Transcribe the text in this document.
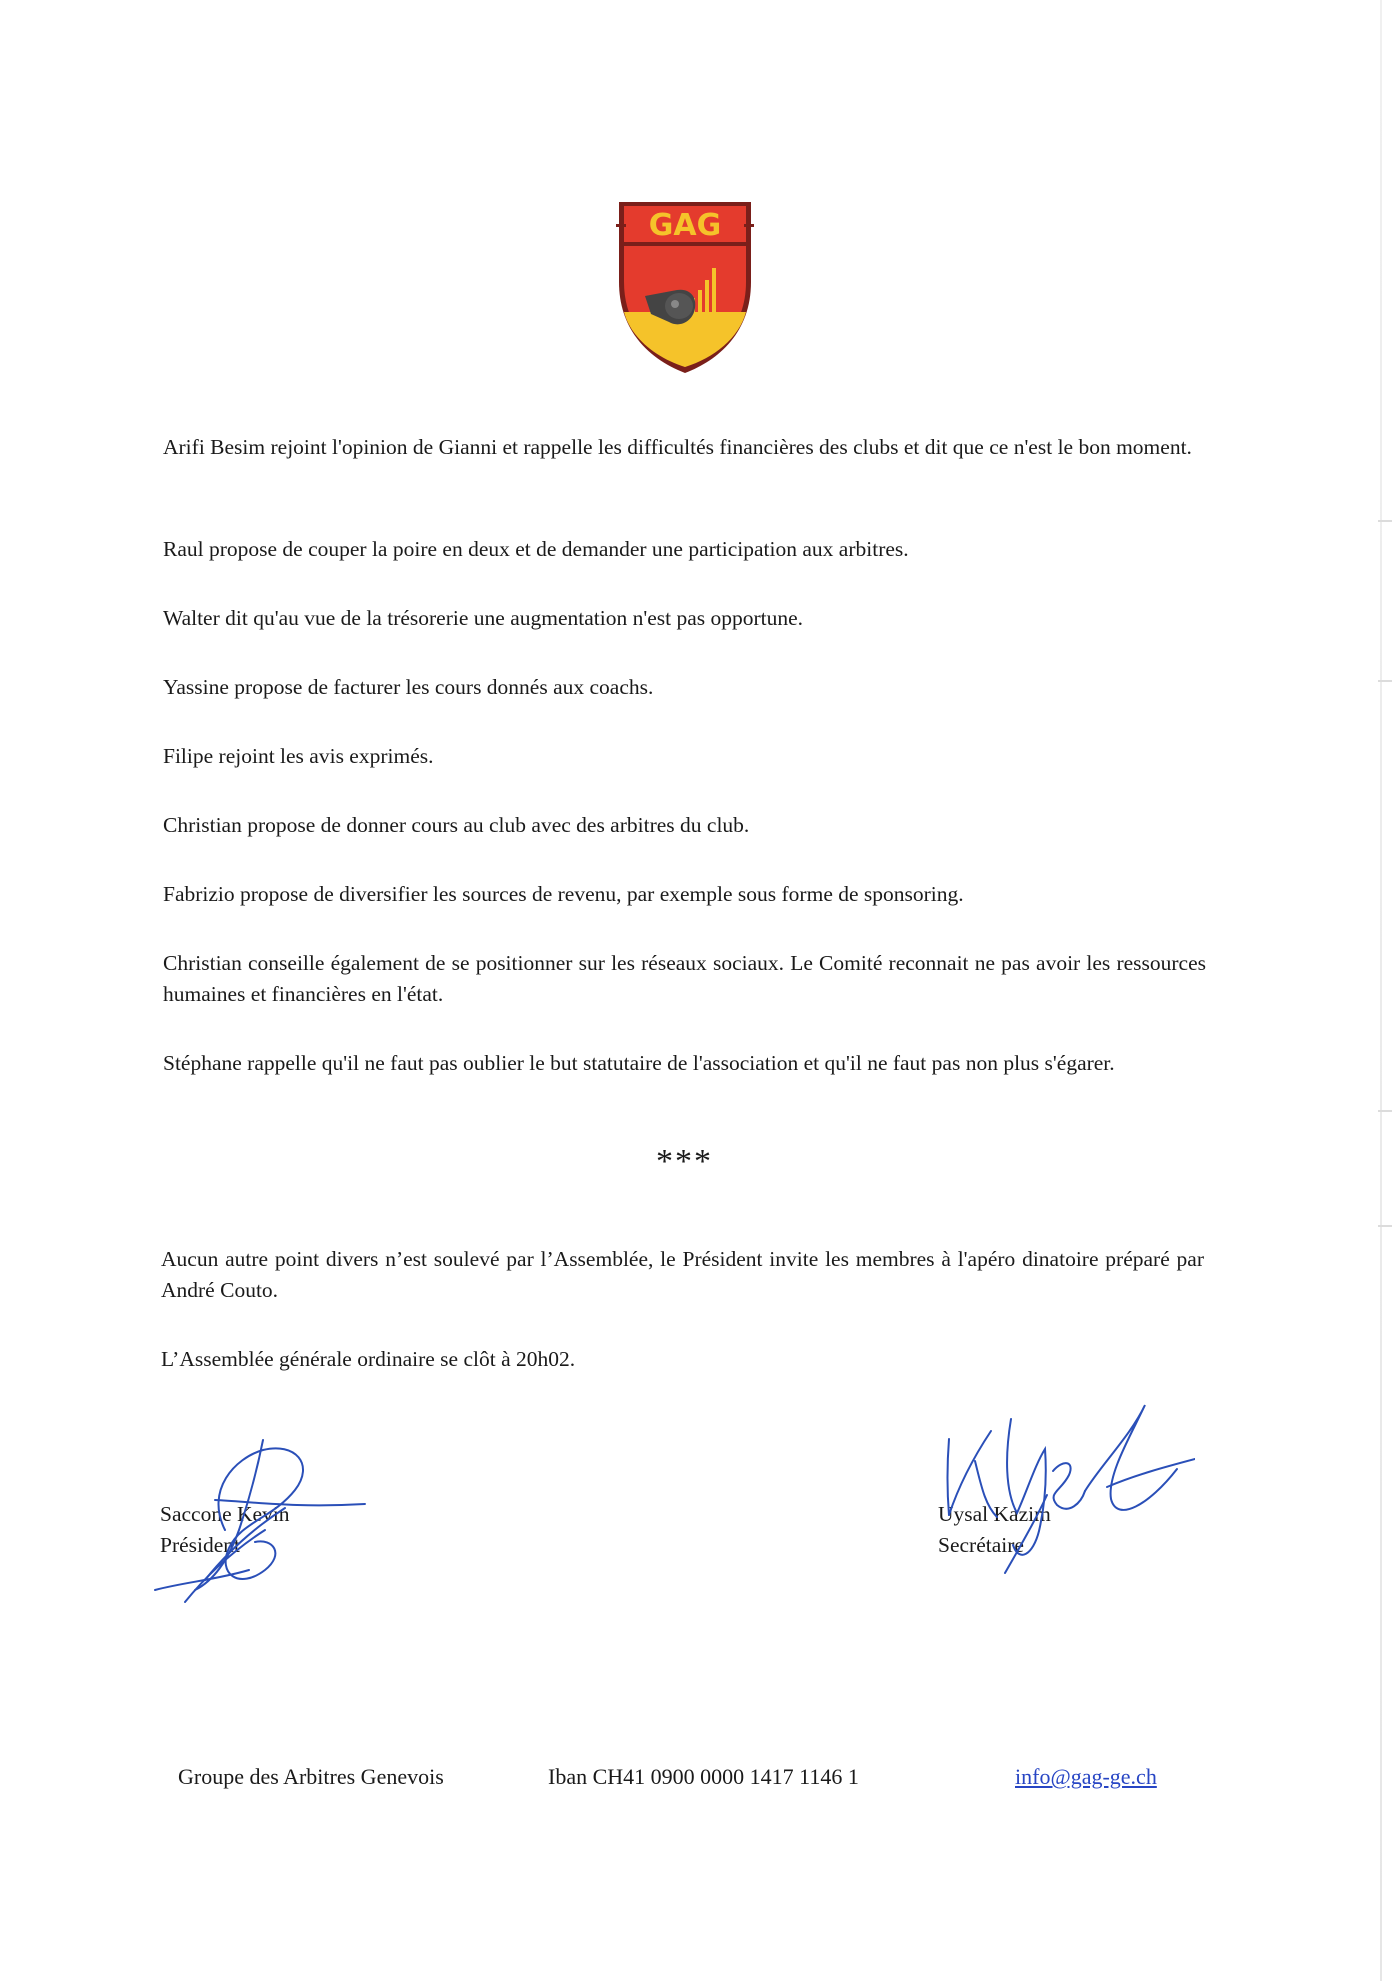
GAG

Arifi Besim rejoint l'opinion de Gianni et rappelle les difficultés financières des clubs et dit que ce n'est le bon moment.

Raul propose de couper la poire en deux et de demander une participation aux arbitres.

Walter dit qu'au vue de la trésorerie une augmentation n'est pas opportune.

Yassine propose de facturer les cours donnés aux coachs.

Filipe rejoint les avis exprimés.

Christian propose de donner cours au club avec des arbitres du club.

Fabrizio propose de diversifier les sources de revenu, par exemple sous forme de sponsoring.

Christian conseille également de se positionner sur les réseaux sociaux. Le Comité reconnait ne pas avoir les ressources humaines et financières en l'état.

Stéphane rappelle qu'il ne faut pas oublier le but statutaire de l'association et qu'il ne faut pas non plus s'égarer.

***

Aucun autre point divers n’est soulevé par l’Assemblée, le Président invite les membres à l'apéro dinatoire préparé par André Couto.

L’Assemblée générale ordinaire se clôt à 20h02.

Saccone Kevin
Président
Uysal Kazim
Secrétaire
Groupe des Arbitres Genevois	Iban CH41 0900 0000 1417 1146 1	info@gag-ge.ch
